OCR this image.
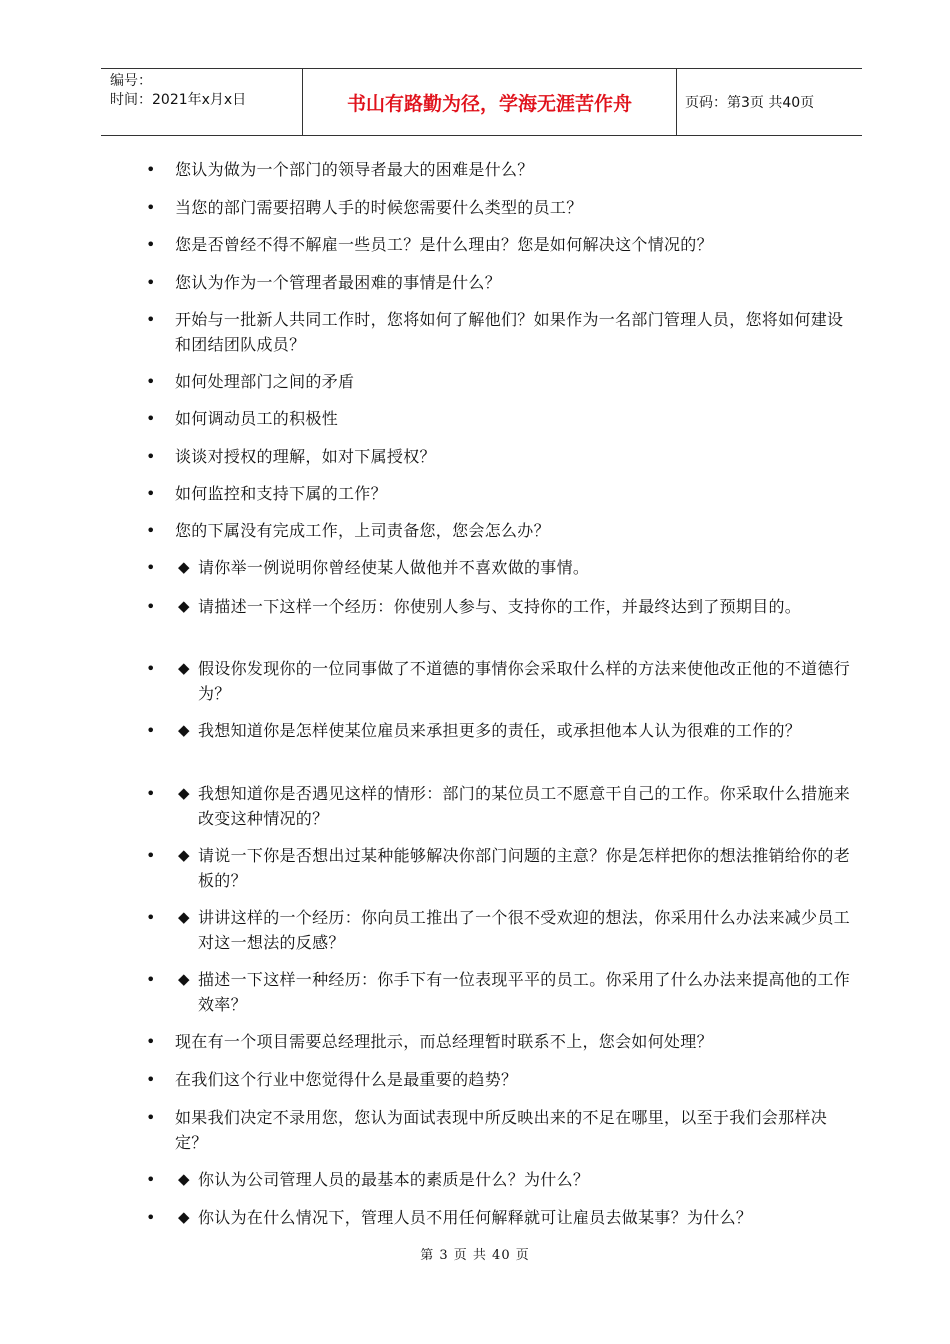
编号：
时间：2021年x月x日	书山有路勤为径，学海无涯苦作舟	页码：第3页 共40页
• 您认为做为一个部门的领导者最大的困难是什么？
• 当您的部门需要招聘人手的时候您需要什么类型的员工？
• 您是否曾经不得不解雇一些员工？是什么理由？您是如何解决这个情况的？
• 您认为作为一个管理者最困难的事情是什么？
• 开始与一批新人共同工作时，您将如何了解他们？如果作为一名部门管理人员，您将如何建设和团结团队成员？
• 如何处理部门之间的矛盾
• 如何调动员工的积极性
• 谈谈对授权的理解，如对下属授权？
• 如何监控和支持下属的工作？
• 您的下属没有完成工作，上司责备您，您会怎么办？
• ◆ 请你举一例说明你曾经使某人做他并不喜欢做的事情。
• ◆ 请描述一下这样一个经历：你使别人参与、支持你的工作，并最终达到了预期目的。
• ◆ 假设你发现你的一位同事做了不道德的事情你会采取什么样的方法来使他改正他的不道德行为？
• ◆ 我想知道你是怎样使某位雇员来承担更多的责任，或承担他本人认为很难的工作的？
• ◆ 我想知道你是否遇见这样的情形：部门的某位员工不愿意干自己的工作。你采取什么措施来改变这种情况的？
• ◆ 请说一下你是否想出过某种能够解决你部门问题的主意？你是怎样把你的想法推销给你的老板的？
• ◆ 讲讲这样的一个经历：你向员工推出了一个很不受欢迎的想法，你采用什么办法来减少员工对这一想法的反感？
• ◆ 描述一下这样一种经历：你手下有一位表现平平的员工。你采用了什么办法来提高他的工作效率？
• 现在有一个项目需要总经理批示，而总经理暂时联系不上，您会如何处理？
• 在我们这个行业中您觉得什么是最重要的趋势？
• 如果我们决定不录用您，您认为面试表现中所反映出来的不足在哪里，以至于我们会那样决定？
• ◆ 你认为公司管理人员的最基本的素质是什么？为什么？
• ◆ 你认为在什么情况下，管理人员不用任何解释就可让雇员去做某事？为什么？
第 3 页 共 40 页
